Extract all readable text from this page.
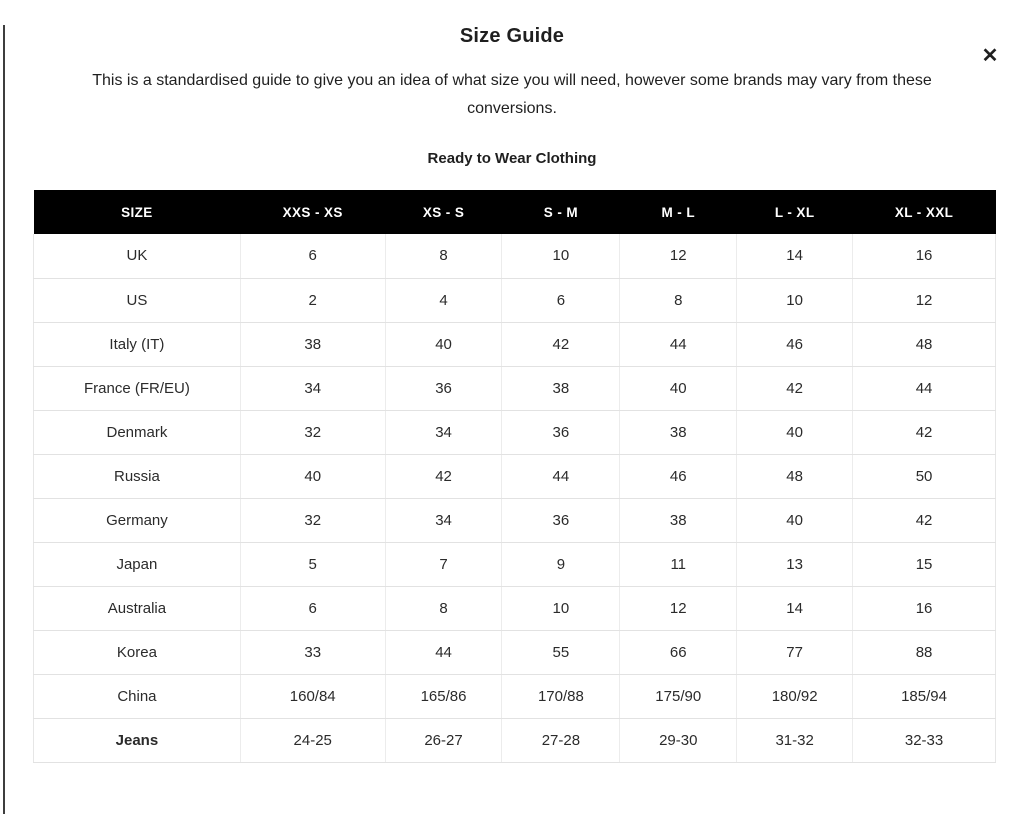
✕
Size Guide

This is a standardised guide to give you an idea of what size you will need, however some brands may vary from these conversions.

Ready to Wear Clothing
SIZE	XXS - XS	XS - S	S - M	M - L	L - XL	XL - XXL
UK	6	8	10	12	14	16
US	2	4	6	8	10	12
Italy (IT)	38	40	42	44	46	48
France (FR/EU)	34	36	38	40	42	44
Denmark	32	34	36	38	40	42
Russia	40	42	44	46	48	50
Germany	32	34	36	38	40	42
Japan	5	7	9	11	13	15
Australia	6	8	10	12	14	16
Korea	33	44	55	66	77	88
China	160/84	165/86	170/88	175/90	180/92	185/94
Jeans	24-25	26-27	27-28	29-30	31-32	32-33
